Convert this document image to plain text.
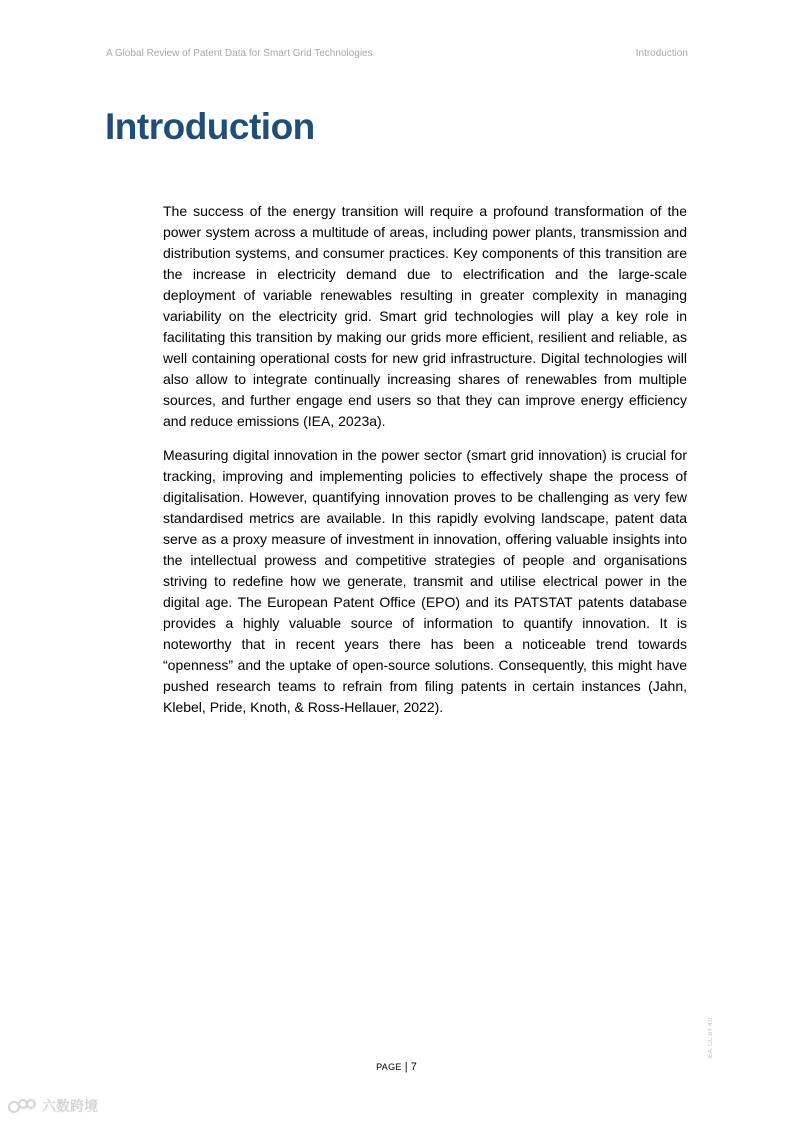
A Global Review of Patent Data for Smart Grid Technologies	Introduction
Introduction

The success of the energy transition will require a profound transformation of the power system across a multitude of areas, including power plants, transmission and distribution systems, and consumer practices. Key components of this transition are the increase in electricity demand due to electrification and the large-scale deployment of variable renewables resulting in greater complexity in managing variability on the electricity grid. Smart grid technologies will play a key role in facilitating this transition by making our grids more efficient, resilient and reliable, as well containing operational costs for new grid infrastructure. Digital technologies will also allow to integrate continually increasing shares of renewables from multiple sources, and further engage end users so that they can improve energy efficiency and reduce emissions (IEA, 2023a).

Measuring digital innovation in the power sector (smart grid innovation) is crucial for tracking, improving and implementing policies to effectively shape the process of digitalisation. However, quantifying innovation proves to be challenging as very few standardised metrics are available. In this rapidly evolving landscape, patent data serve as a proxy measure of investment in innovation, offering valuable insights into the intellectual prowess and competitive strategies of people and organisations striving to redefine how we generate, transmit and utilise electrical power in the digital age. The European Patent Office (EPO) and its PATSTAT patents database provides a highly valuable source of information to quantify innovation. It is noteworthy that in recent years there has been a noticeable trend towards “openness” and the uptake of open-source solutions. Consequently, this might have pushed research teams to refrain from filing patents in certain instances (Jahn, Klebel, Pride, Knoth, & Ross-Hellauer, 2022).

PAGE | 7
IEA. CC BY 4.0.
六数跨境
